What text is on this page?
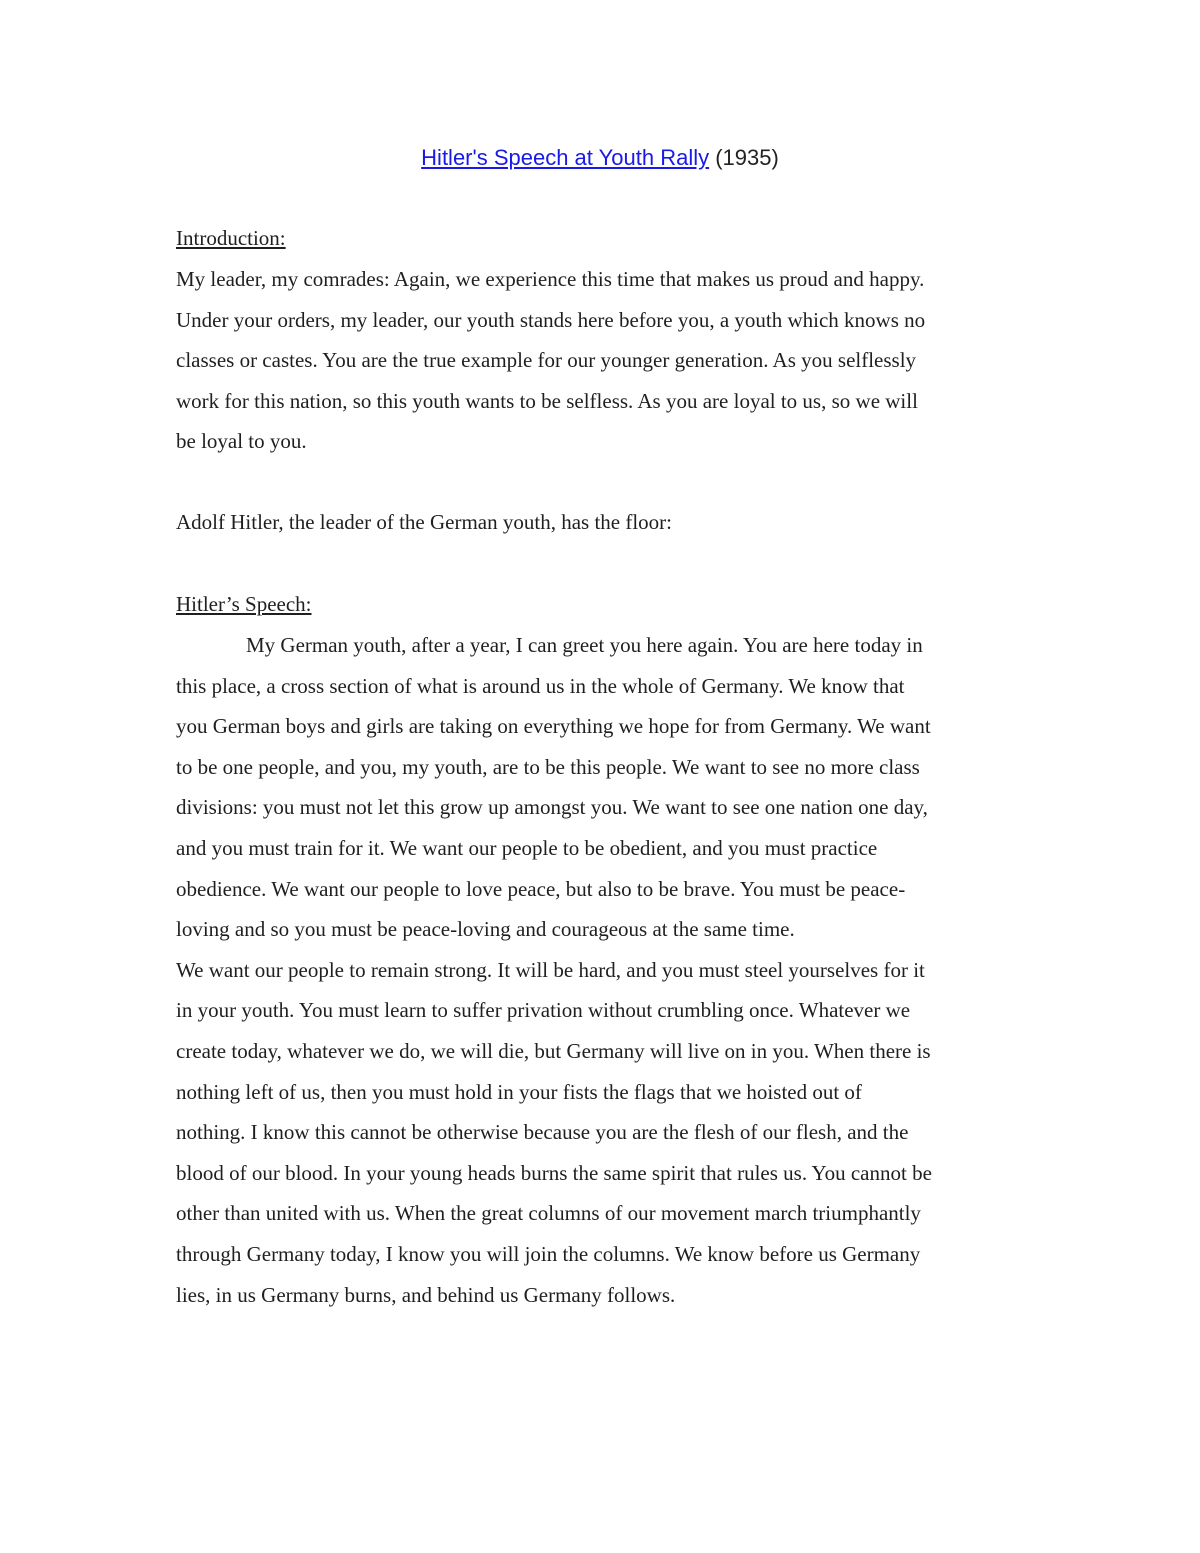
Hitler's Speech at Youth Rally (1935)
Introduction:
My leader, my comrades: Again, we experience this time that makes us proud and happy.
Under your orders, my leader, our youth stands here before you, a youth which knows no
classes or castes. You are the true example for our younger generation. As you selflessly
work for this nation, so this youth wants to be selfless. As you are loyal to us, so we will
be loyal to you.
Adolf Hitler, the leader of the German youth, has the floor:
Hitler’s Speech:
My German youth, after a year, I can greet you here again. You are here today in
this place, a cross section of what is around us in the whole of Germany. We know that
you German boys and girls are taking on everything we hope for from Germany. We want
to be one people, and you, my youth, are to be this people. We want to see no more class
divisions: you must not let this grow up amongst you. We want to see one nation one day,
and you must train for it. We want our people to be obedient, and you must practice
obedience. We want our people to love peace, but also to be brave. You must be peace-
loving and so you must be peace-loving and courageous at the same time.
We want our people to remain strong. It will be hard, and you must steel yourselves for it
in your youth. You must learn to suffer privation without crumbling once. Whatever we
create today, whatever we do, we will die, but Germany will live on in you. When there is
nothing left of us, then you must hold in your fists the flags that we hoisted out of
nothing. I know this cannot be otherwise because you are the flesh of our flesh, and the
blood of our blood. In your young heads burns the same spirit that rules us. You cannot be
other than united with us. When the great columns of our movement march triumphantly
through Germany today, I know you will join the columns. We know before us Germany
lies, in us Germany burns, and behind us Germany follows.
